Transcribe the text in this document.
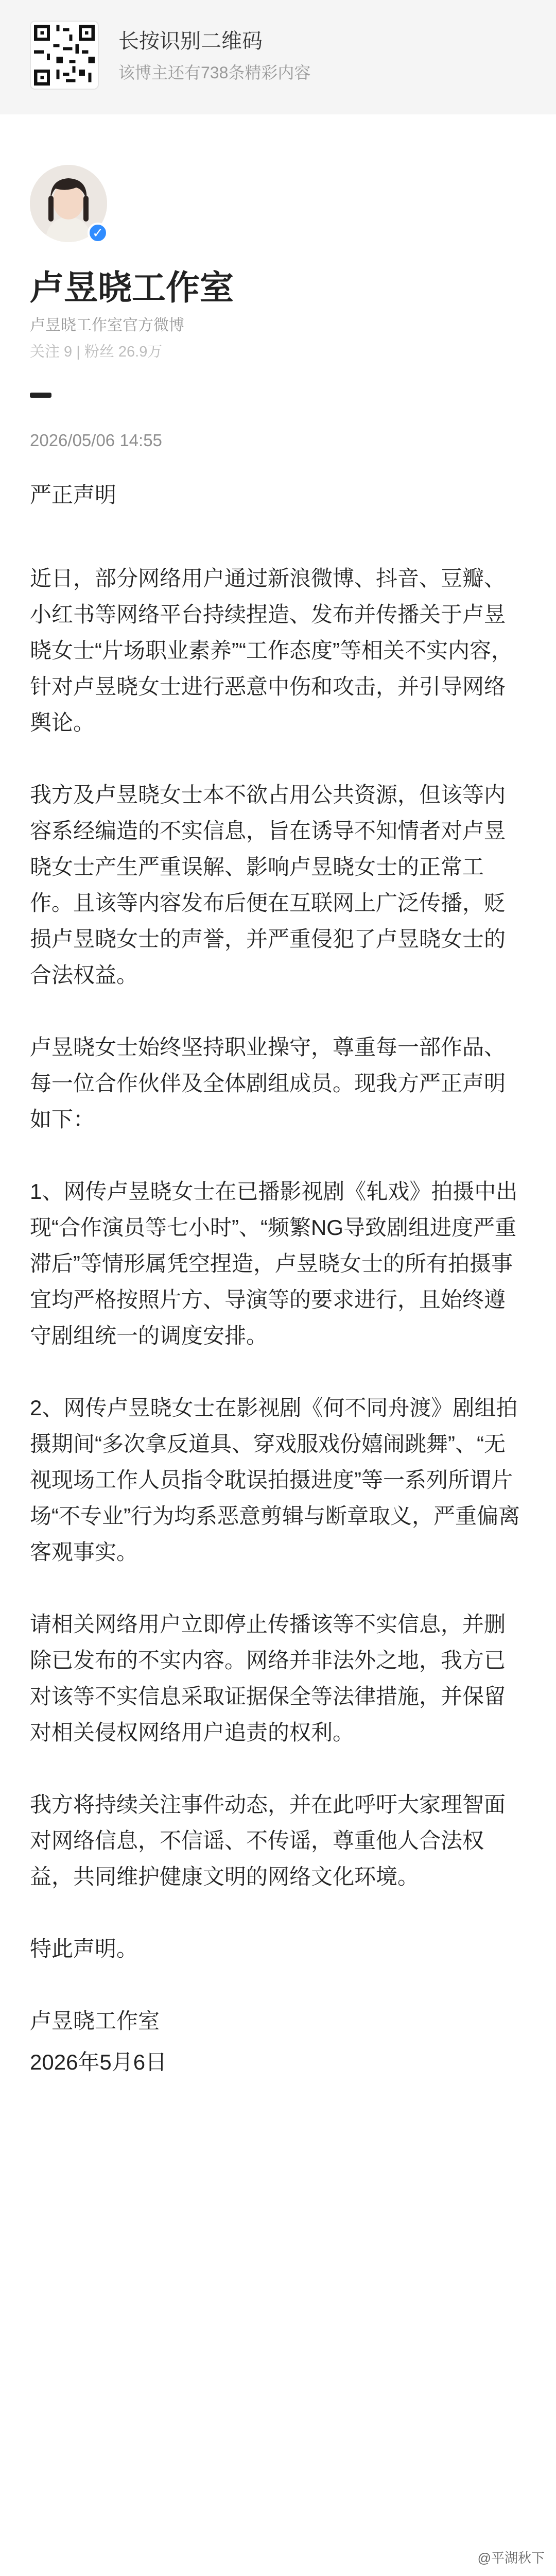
长按识别二维码
该博主还有738条精彩内容
✓
卢昱晓工作室
卢昱晓工作室官方微博
关注 9 | 粉丝 26.9万
2026/05/06 14:55
严正声明

近日，部分网络用户通过新浪微博、抖音、豆瓣、小红书等网络平台持续捏造、发布并传播关于卢昱晓女士“片场职业素养”“工作态度”等相关不实内容，针对卢昱晓女士进行恶意中伤和攻击，并引导网络舆论。

我方及卢昱晓女士本不欲占用公共资源，但该等内容系经编造的不实信息，旨在诱导不知情者对卢昱晓女士产生严重误解、影响卢昱晓女士的正常工作。且该等内容发布后便在互联网上广泛传播，贬损卢昱晓女士的声誉，并严重侵犯了卢昱晓女士的合法权益。

卢昱晓女士始终坚持职业操守，尊重每一部作品、每一位合作伙伴及全体剧组成员。现我方严正声明如下：

1、网传卢昱晓女士在已播影视剧《轧戏》拍摄中出现“合作演员等七小时”、“频繁NG导致剧组进度严重滞后”等情形属凭空捏造，卢昱晓女士的所有拍摄事宜均严格按照片方、导演等的要求进行，且始终遵守剧组统一的调度安排。

2、网传卢昱晓女士在影视剧《何不同舟渡》剧组拍摄期间“多次拿反道具、穿戏服戏份嬉闹跳舞”、“无视现场工作人员指令耽误拍摄进度”等一系列所谓片场“不专业”行为均系恶意剪辑与断章取义，严重偏离客观事实。

请相关网络用户立即停止传播该等不实信息，并删除已发布的不实内容。网络并非法外之地，我方已对该等不实信息采取证据保全等法律措施，并保留对相关侵权网络用户追责的权利。

我方将持续关注事件动态，并在此呼吁大家理智面对网络信息，不信谣、不传谣，尊重他人合法权益，共同维护健康文明的网络文化环境。

特此声明。

卢昱晓工作室

2026年5月6日

@平湖秋下
